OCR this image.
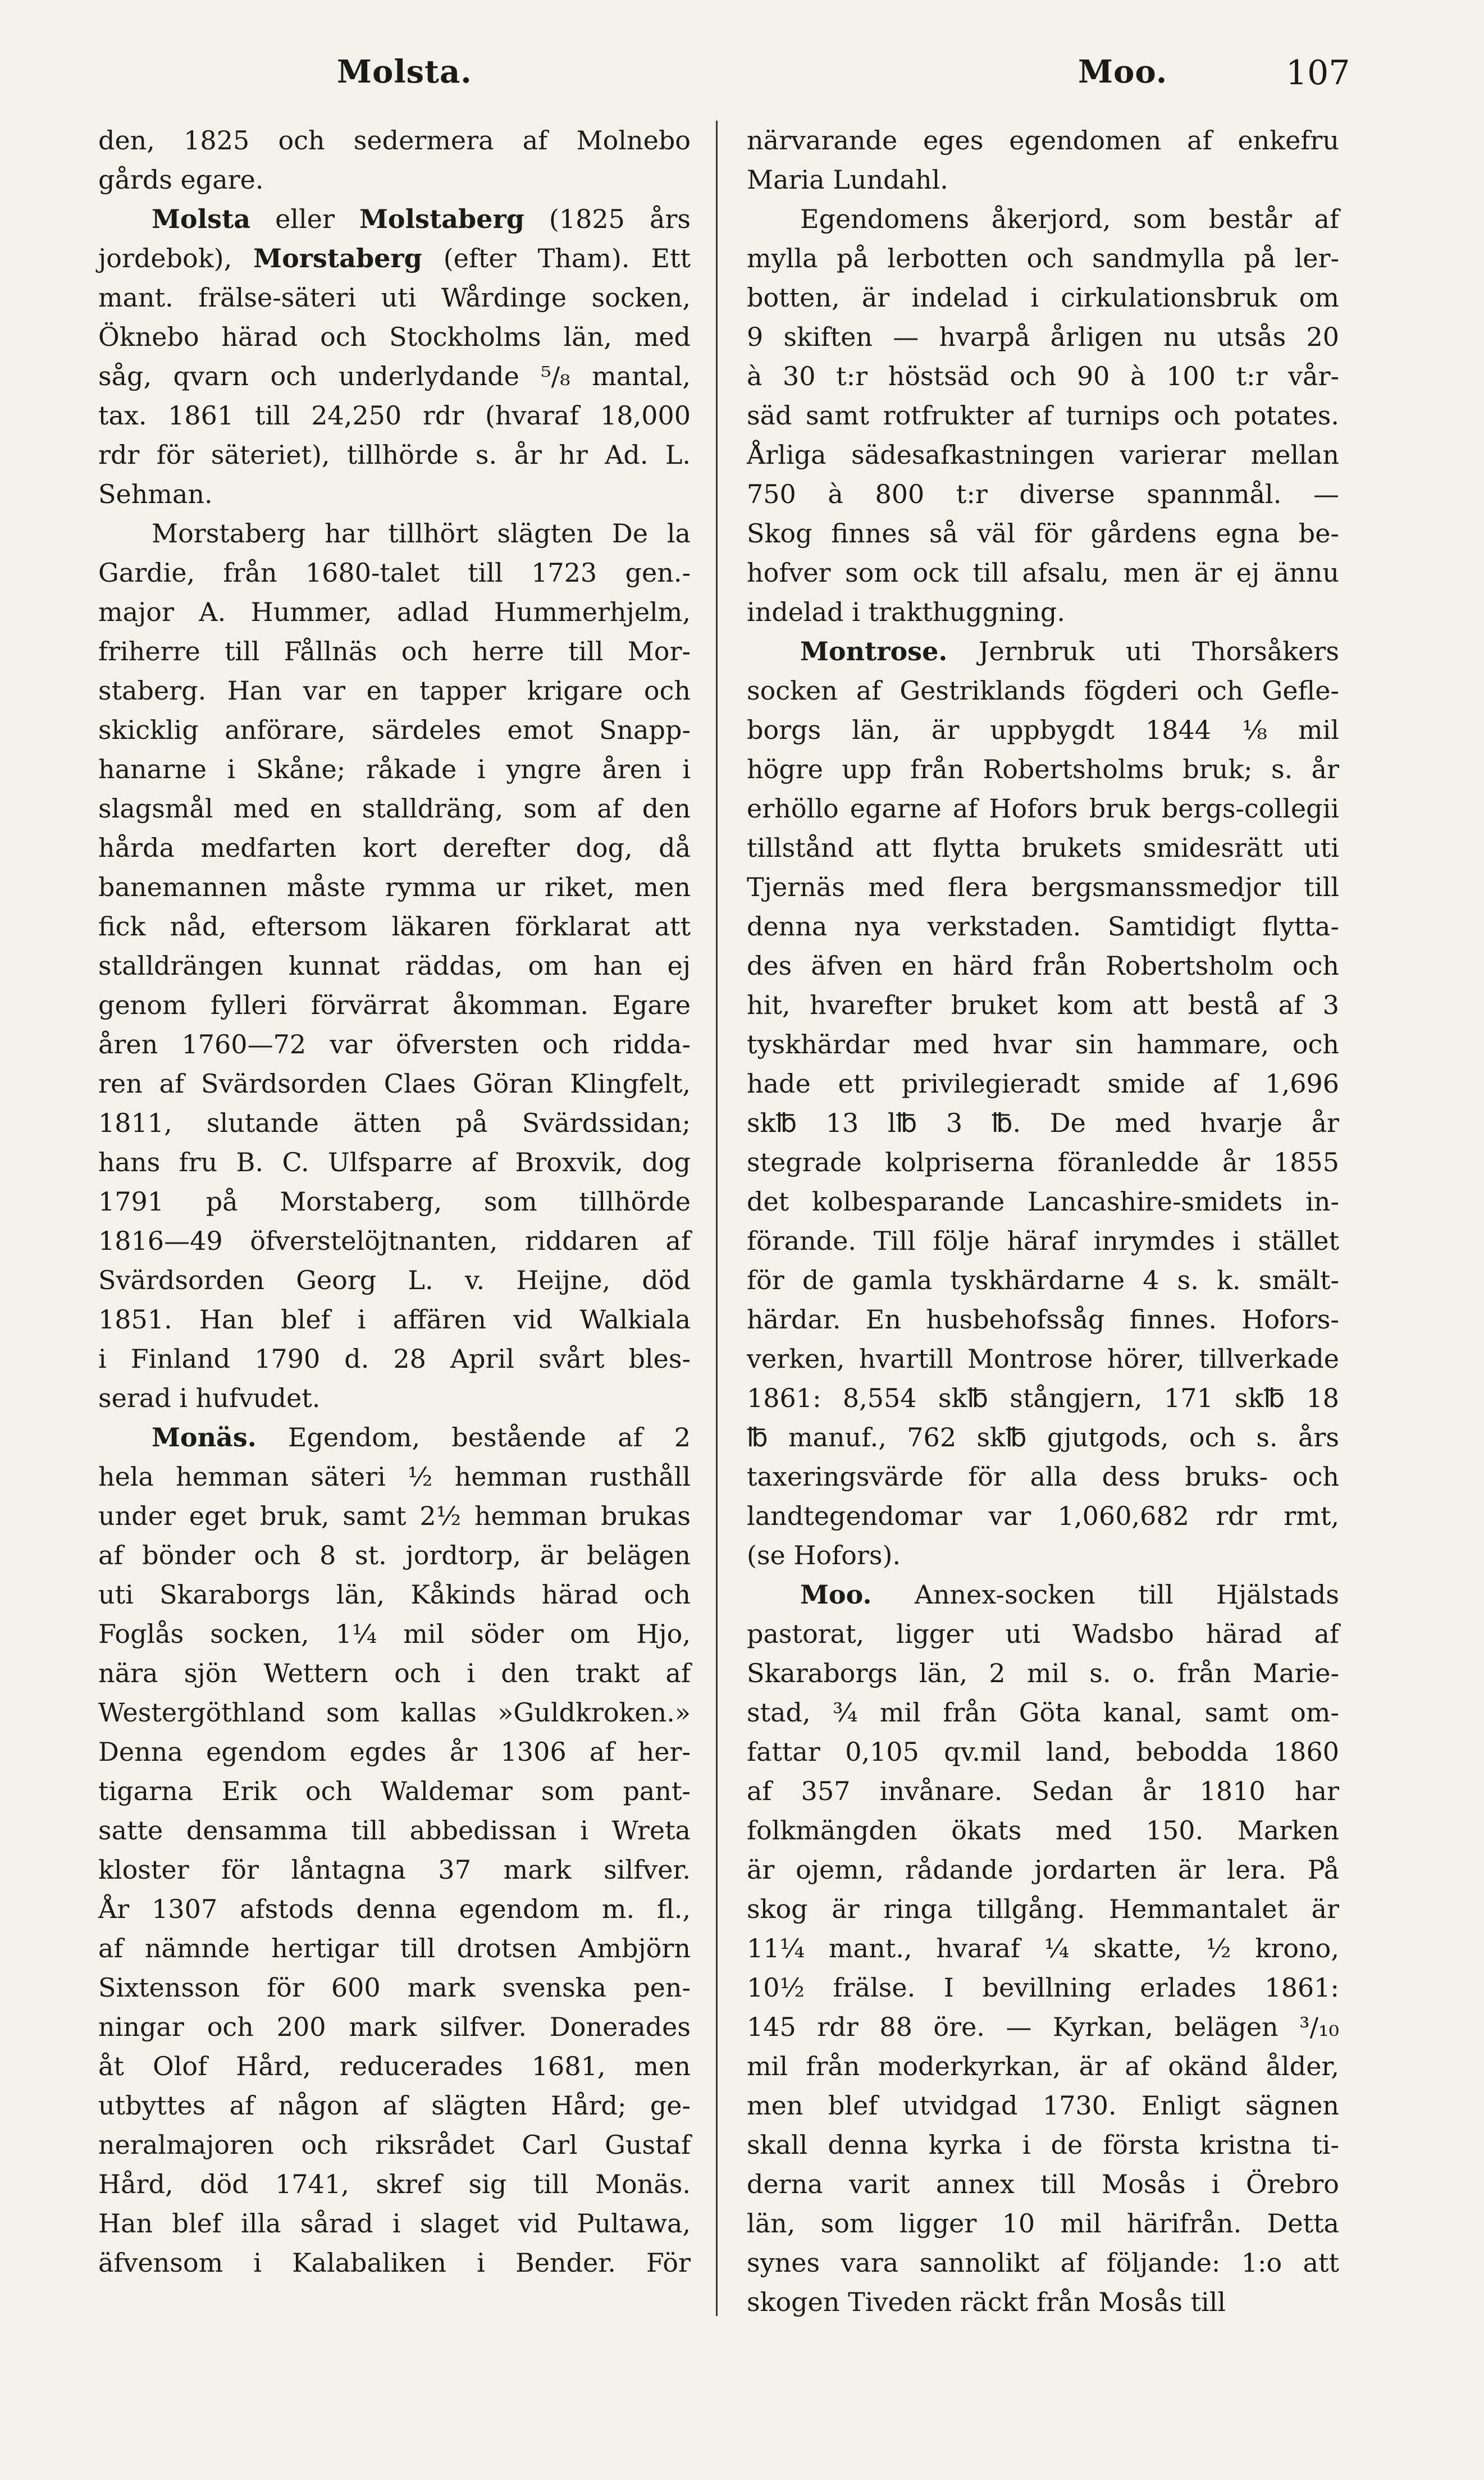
Molsta.	Moo.	107
den, 1825 och sedermera af Molnebo
gårds egare.
Molsta eller Molstaberg (1825 års
jordebok), Morstaberg (efter Tham). Ett
mant. frälse-säteri uti Wårdinge socken,
Öknebo härad och Stockholms län, med
såg, qvarn och underlydande ⁵/₈ mantal,
tax. 1861 till 24,250 rdr (hvaraf 18,000
rdr för säteriet), tillhörde s. år hr Ad. L.
Sehman.
Morstaberg har tillhört slägten De la
Gardie, från 1680-talet till 1723 gen.-
major A. Hummer, adlad Hummerhjelm,
friherre till Fållnäs och herre till Mor-
staberg. Han var en tapper krigare och
skicklig anförare, särdeles emot Snapp-
hanarne i Skåne; råkade i yngre åren i
slagsmål med en stalldräng, som af den
hårda medfarten kort derefter dog, då
banemannen måste rymma ur riket, men
fick nåd, eftersom läkaren förklarat att
stalldrängen kunnat räddas, om han ej
genom fylleri förvärrat åkomman. Egare
åren 1760—72 var öfversten och ridda-
ren af Svärdsorden Claes Göran Klingfelt,
1811, slutande ätten på Svärdssidan;
hans fru B. C. Ulfsparre af Broxvik, dog
1791 på Morstaberg, som tillhörde
1816—49 öfverstelöjtnanten, riddaren af
Svärdsorden Georg L. v. Heijne, död
1851. Han blef i affären vid Walkiala
i Finland 1790 d. 28 April svårt bles-
serad i hufvudet.
Monäs. Egendom, bestående af 2
hela hemman säteri ½ hemman rusthåll
under eget bruk, samt 2½ hemman brukas
af bönder och 8 st. jordtorp, är belägen
uti Skaraborgs län, Kåkinds härad och
Foglås socken, 1¼ mil söder om Hjo,
nära sjön Wettern och i den trakt af
Westergöthland som kallas »Guldkroken.»
Denna egendom egdes år 1306 af her-
tigarna Erik och Waldemar som pant-
satte densamma till abbedissan i Wreta
kloster för låntagna 37 mark silfver.
År 1307 afstods denna egendom m. fl.,
af nämnde hertigar till drotsen Ambjörn
Sixtensson för 600 mark svenska pen-
ningar och 200 mark silfver. Donerades
åt Olof Hård, reducerades 1681, men
utbyttes af någon af slägten Hård; ge-
neralmajoren och riksrådet Carl Gustaf
Hård, död 1741, skref sig till Monäs.
Han blef illa sårad i slaget vid Pultawa,
äfvensom i Kalabaliken i Bender. För
närvarande eges egendomen af enkefru
Maria Lundahl.
Egendomens åkerjord, som består af
mylla på lerbotten och sandmylla på ler-
botten, är indelad i cirkulationsbruk om
9 skiften — hvarpå årligen nu utsås 20
à 30 t:r höstsäd och 90 à 100 t:r vår-
säd samt rotfrukter af turnips och potates.
Årliga sädesafkastningen varierar mellan
750 à 800 t:r diverse spannmål. —
Skog finnes så väl för gårdens egna be-
hofver som ock till afsalu, men är ej ännu
indelad i trakthuggning.
Montrose. Jernbruk uti Thorsåkers
socken af Gestriklands fögderi och Gefle-
borgs län, är uppbygdt 1844 ⅛ mil
högre upp från Robertsholms bruk; s. år
erhöllo egarne af Hofors bruk bergs-collegii
tillstånd att flytta brukets smidesrätt uti
Tjernäs med flera bergsmanssmedjor till
denna nya verkstaden. Samtidigt flytta-
des äfven en härd från Robertsholm och
hit, hvarefter bruket kom att bestå af 3
tyskhärdar med hvar sin hammare, och
hade ett privilegieradt smide af 1,696
sk℔ 13 l℔ 3 ℔. De med hvarje år
stegrade kolpriserna föranledde år 1855
det kolbesparande Lancashire-smidets in-
förande. Till följe häraf inrymdes i stället
för de gamla tyskhärdarne 4 s. k. smält-
härdar. En husbehofssåg finnes. Hofors-
verken, hvartill Montrose hörer, tillverkade
1861: 8,554 sk℔ stångjern, 171 sk℔ 18
℔ manuf., 762 sk℔ gjutgods, och s. års
taxeringsvärde för alla dess bruks- och
landtegendomar var 1,060,682 rdr rmt,
(se Hofors).
Moo. Annex-socken till Hjälstads
pastorat, ligger uti Wadsbo härad af
Skaraborgs län, 2 mil s. o. från Marie-
stad, ¾ mil från Göta kanal, samt om-
fattar 0,105 qv.mil land, bebodda 1860
af 357 invånare. Sedan år 1810 har
folkmängden ökats med 150. Marken
är ojemn, rådande jordarten är lera. På
skog är ringa tillgång. Hemmantalet är
11¼ mant., hvaraf ¼ skatte, ½ krono,
10½ frälse. I bevillning erlades 1861:
145 rdr 88 öre. — Kyrkan, belägen ³/₁₀
mil från moderkyrkan, är af okänd ålder,
men blef utvidgad 1730. Enligt sägnen
skall denna kyrka i de första kristna ti-
derna varit annex till Mosås i Örebro
län, som ligger 10 mil härifrån. Detta
synes vara sannolikt af följande: 1:o att
skogen Tiveden räckt från Mosås till
